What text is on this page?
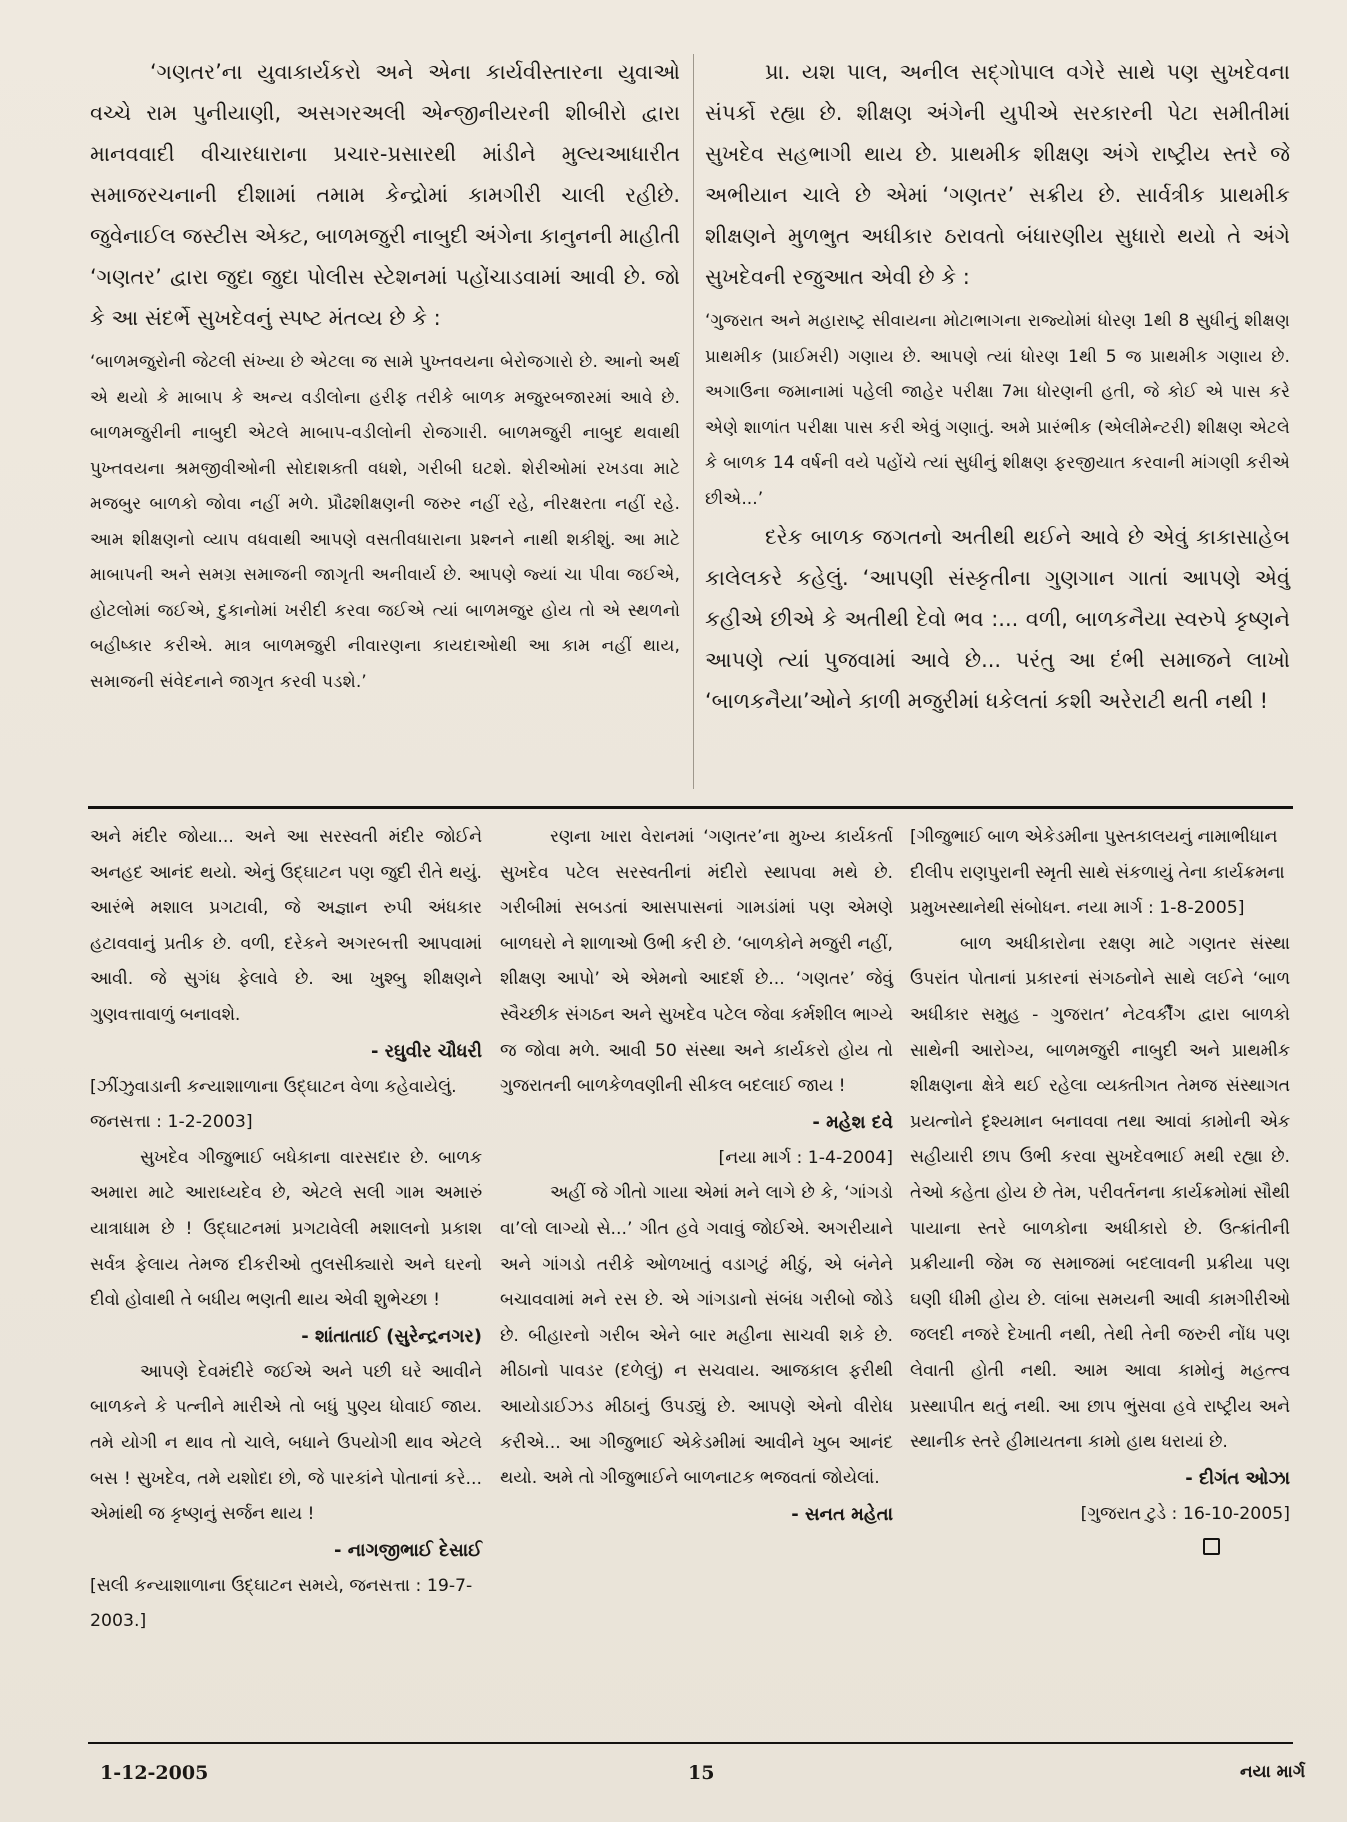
‘ગણતર’ના યુવાકાર્યકરો અને એના કાર્યવીસ્તારના યુવાઓ વચ્ચે રામ પુનીયાણી, અસગરઅલી એન્જીનીયરની શીબીરો દ્વારા માનવવાદી વીચારધારાના પ્રચાર-પ્રસારથી માંડીને મુલ્યઆધારીત સમાજરચનાની દીશામાં તમામ કેન્દ્રોમાં કામગીરી ચાલી રહીછે. જુવેનાઈલ જસ્ટીસ એક્ટ, બાળમજુરી નાબુદી અંગેના કાનુનની માહીતી ‘ગણતર’ દ્વારા જુદા જુદા પોલીસ સ્ટેશનમાં પહોંચાડવામાં આવી છે. જો કે આ સંદર્ભે સુખદેવનું સ્પષ્ટ મંતવ્ય છે કે :

‘બાળમજુરોની જેટલી સંખ્યા છે એટલા જ સામે પુખ્તવયના બેરોજગારો છે. આનો અર્થ એ થયો કે માબાપ કે અન્ય વડીલોના હરીફ તરીકે બાળક મજુરબજારમાં આવે છે. બાળમજુરીની નાબુદી એટલે માબાપ-વડીલોની રોજગારી. બાળમજુરી નાબુદ થવાથી પુખ્તવયના શ્રમજીવીઓની સોદાશક્તી વધશે, ગરીબી ઘટશે. શેરીઓમાં રખડવા માટે મજબુર બાળકો જોવા નહીં મળે. પ્રૌઢશીક્ષણની જરુર નહીં રહે, નીરક્ષરતા નહીં રહે. આમ શીક્ષણનો વ્યાપ વધવાથી આપણે વસતીવધારાના પ્રશ્નને નાથી શકીશું. આ માટે માબાપની અને સમગ્ર સમાજની જાગૃતી અનીવાર્ય છે. આપણે જ્યાં ચા પીવા જઈએ, હોટલોમાં જઈએ, દુકાનોમાં ખરીદી કરવા જઈએ ત્યાં બાળમજુર હોય તો એ સ્થળનો બહીષ્કાર કરીએ. માત્ર બાળમજુરી નીવારણના કાયદાઓથી આ કામ નહીં થાય, સમાજની સંવેદનાને જાગૃત કરવી પડશે.’

પ્રા. યશ પાલ, અનીલ સદ્ગોપાલ વગેરે સાથે પણ સુખદેવના સંપર્કો રહ્યા છે. શીક્ષણ અંગેની યુપીએ સરકારની પેટા સમીતીમાં સુખદેવ સહભાગી થાય છે. પ્રાથમીક શીક્ષણ અંગે રાષ્ટ્રીય સ્તરે જે અભીયાન ચાલે છે એમાં ‘ગણતર’ સક્રીય છે. સાર્વત્રીક પ્રાથમીક શીક્ષણને મુળભુત અધીકાર ઠરાવતો બંધારણીય સુધારો થયો તે અંગે સુખદેવની રજુઆત એવી છે કે :

‘ગુજરાત અને મહારાષ્ટ્ર સીવાયના મોટાભાગના રાજ્યોમાં ધોરણ 1થી 8 સુધીનું શીક્ષણ પ્રાથમીક (પ્રાઈમરી) ગણાય છે. આપણે ત્યાં ધોરણ 1થી 5 જ પ્રાથમીક ગણાય છે. અગાઉના જમાનામાં પહેલી જાહેર પરીક્ષા 7મા ધોરણની હતી, જે કોઈ એ પાસ કરે એણે શાળાંત પરીક્ષા પાસ કરી એવું ગણાતું. અમે પ્રારંભીક (એલીમેન્ટરી) શીક્ષણ એટલે કે બાળક 14 વર્ષની વયે પહોંચે ત્યાં સુધીનું શીક્ષણ ફરજીયાત કરવાની માંગણી કરીએ છીએ...’

દરેક બાળક જગતનો અતીથી થઈને આવે છે એવું કાકાસાહેબ કાલેલકરે કહેલું. ‘આપણી સંસ્કૃતીના ગુણગાન ગાતાં આપણે એવું કહીએ છીએ કે અતીથી દેવો ભવ :... વળી, બાળકનૈયા સ્વરુપે કૃષ્ણને આપણે ત્યાં પુજવામાં આવે છે... પરંતુ આ દંભી સમાજને લાખો ‘બાળકનૈયા’ઓને કાળી મજુરીમાં ધકેલતાં કશી અરેરાટી થતી નથી !

અને મંદીર જોયા... અને આ સરસ્વતી મંદીર જોઈને અનહદ આનંદ થયો. એનું ઉદ્ઘાટન પણ જુદી રીતે થયું. આરંભે મશાલ પ્રગટાવી, જે અજ્ઞાન રુપી અંધકાર હટાવવાનું પ્રતીક છે. વળી, દરેકને અગરબત્તી આપવામાં આવી. જે સુગંધ ફેલાવે છે. આ ખુશ્બુ શીક્ષણને ગુણવત્તાવાળું બનાવશે.

- રઘુવીર ચૌધરી

[ઝીંઝુવાડાની કન્યાશાળાના ઉદ્ઘાટન વેળા કહેવાયેલું. જનસત્તા : 1-2-2003]

સુખદેવ ગીજુભાઈ બધેકાના વારસદાર છે. બાળક અમારા માટે આરાધ્યદેવ છે, એટલે સલી ગામ અમારું યાત્રાધામ છે ! ઉદ્ઘાટનમાં પ્રગટાવેલી મશાલનો પ્રકાશ સર્વત્ર ફેલાય તેમજ દીકરીઓ તુલસીક્યારો અને ઘરનો દીવો હોવાથી તે બધીય ભણતી થાય એવી શુભેચ્છા !

- શાંતાતાઈ (સુરેન્દ્રનગર)

આપણે દેવમંદીરે જઈએ અને પછી ઘરે આવીને બાળકને કે પત્નીને મારીએ તો બધું પુણ્ય ધોવાઈ જાય. તમે યોગી ન થાવ તો ચાલે, બધાને ઉપયોગી થાવ એટલે બસ ! સુખદેવ, તમે યશોદા છો, જે પારકાંને પોતાનાં કરે... એમાંથી જ કૃષ્ણનું સર્જન થાય !

- નાગજીભાઈ દેસાઈ

[સલી કન્યાશાળાના ઉદ્ઘાટન સમયે, જનસત્તા : 19-7-2003.]

રણના ખારા વેરાનમાં ‘ગણતર’ના મુખ્ય કાર્યકર્તા સુખદેવ પટેલ સરસ્વતીનાં મંદીરો સ્થાપવા મથે છે. ગરીબીમાં સબડતાં આસપાસનાં ગામડાંમાં પણ એમણે બાળઘરો ને શાળાઓ ઉભી કરી છે. ‘બાળકોને મજુરી નહીં, શીક્ષણ આપો’ એ એમનો આદર્શ છે... ‘ગણતર’ જેવું સ્વૈચ્છીક સંગઠન અને સુખદેવ પટેલ જેવા કર્મશીલ ભાગ્યે જ જોવા મળે. આવી 50 સંસ્થા અને કાર્યકરો હોય તો ગુજરાતની બાળકેળવણીની સીકલ બદલાઈ જાય !

- મહેશ દવે

[નયા માર્ગ : 1-4-2004]

અહીં જે ગીતો ગાયા એમાં મને લાગે છે કે, ‘ગાંગડો વા’લો લાગ્યો સે...’ ગીત હવે ગવાવું જોઈએ. અગરીયાને અને ગાંગડો તરીકે ઓળખાતું વડાગટું મીઠું, એ બંનેને બચાવવામાં મને રસ છે. એ ગાંગડાનો સંબંધ ગરીબો જોડે છે. બીહારનો ગરીબ એને બાર મહીના સાચવી શકે છે. મીઠાનો પાવડર (દળેલું) ન સચવાય. આજકાલ ફરીથી આયોડાઈઝડ મીઠાનું ઉપડ્યું છે. આપણે એનો વીરોધ કરીએ... આ ગીજુભાઈ એકેડમીમાં આવીને ખુબ આનંદ થયો. અમે તો ગીજુભાઈને બાળનાટક ભજવતાં જોયેલાં.

- સનત મહેતા

[ગીજુભાઈ બાળ એકેડમીના પુસ્તકાલયનું નામાભીધાન દીલીપ રાણપુરાની સ્મૃતી સાથે સંકળાયું તેના કાર્યક્રમના પ્રમુખસ્થાનેથી સંબોધન. નયા માર્ગ : 1-8-2005]

બાળ અધીકારોના રક્ષણ માટે ગણતર સંસ્થા ઉપરાંત પોતાનાં પ્રકારનાં સંગઠનોને સાથે લઈને ‘બાળ અધીકાર સમુહ - ગુજરાત’ નેટવર્કીંગ દ્વારા બાળકો સાથેની આરોગ્ય, બાળમજુરી નાબુદી અને પ્રાથમીક શીક્ષણના ક્ષેત્રે થઈ રહેલા વ્યક્તીગત તેમજ સંસ્થાગત પ્રયત્નોને દૃશ્યમાન બનાવવા તથા આવાં કામોની એક સહીયારી છાપ ઉભી કરવા સુખદેવભાઈ મથી રહ્યા છે. તેઓ કહેતા હોય છે તેમ, પરીવર્તનના કાર્યક્રમોમાં સૌથી પાયાના સ્તરે બાળકોના અધીકારો છે. ઉત્ક્રાંતીની પ્રક્રીયાની જેમ જ સમાજમાં બદલાવની પ્રક્રીયા પણ ઘણી ધીમી હોય છે. લાંબા સમયની આવી કામગીરીઓ જલદી નજરે દેખાતી નથી, તેથી તેની જરુરી નોંધ પણ લેવાતી હોતી નથી. આમ આવા કામોનું મહત્ત્વ પ્રસ્થાપીત થતું નથી. આ છાપ ભુંસવા હવે રાષ્ટ્રીય અને સ્થાનીક સ્તરે હીમાયતના કામો હાથ ધરાયાં છે.

- દીગંત ઓઝા

[ગુજરાત ટુડે : 16-10-2005]

1-12-2005	15	નયા માર્ગ
